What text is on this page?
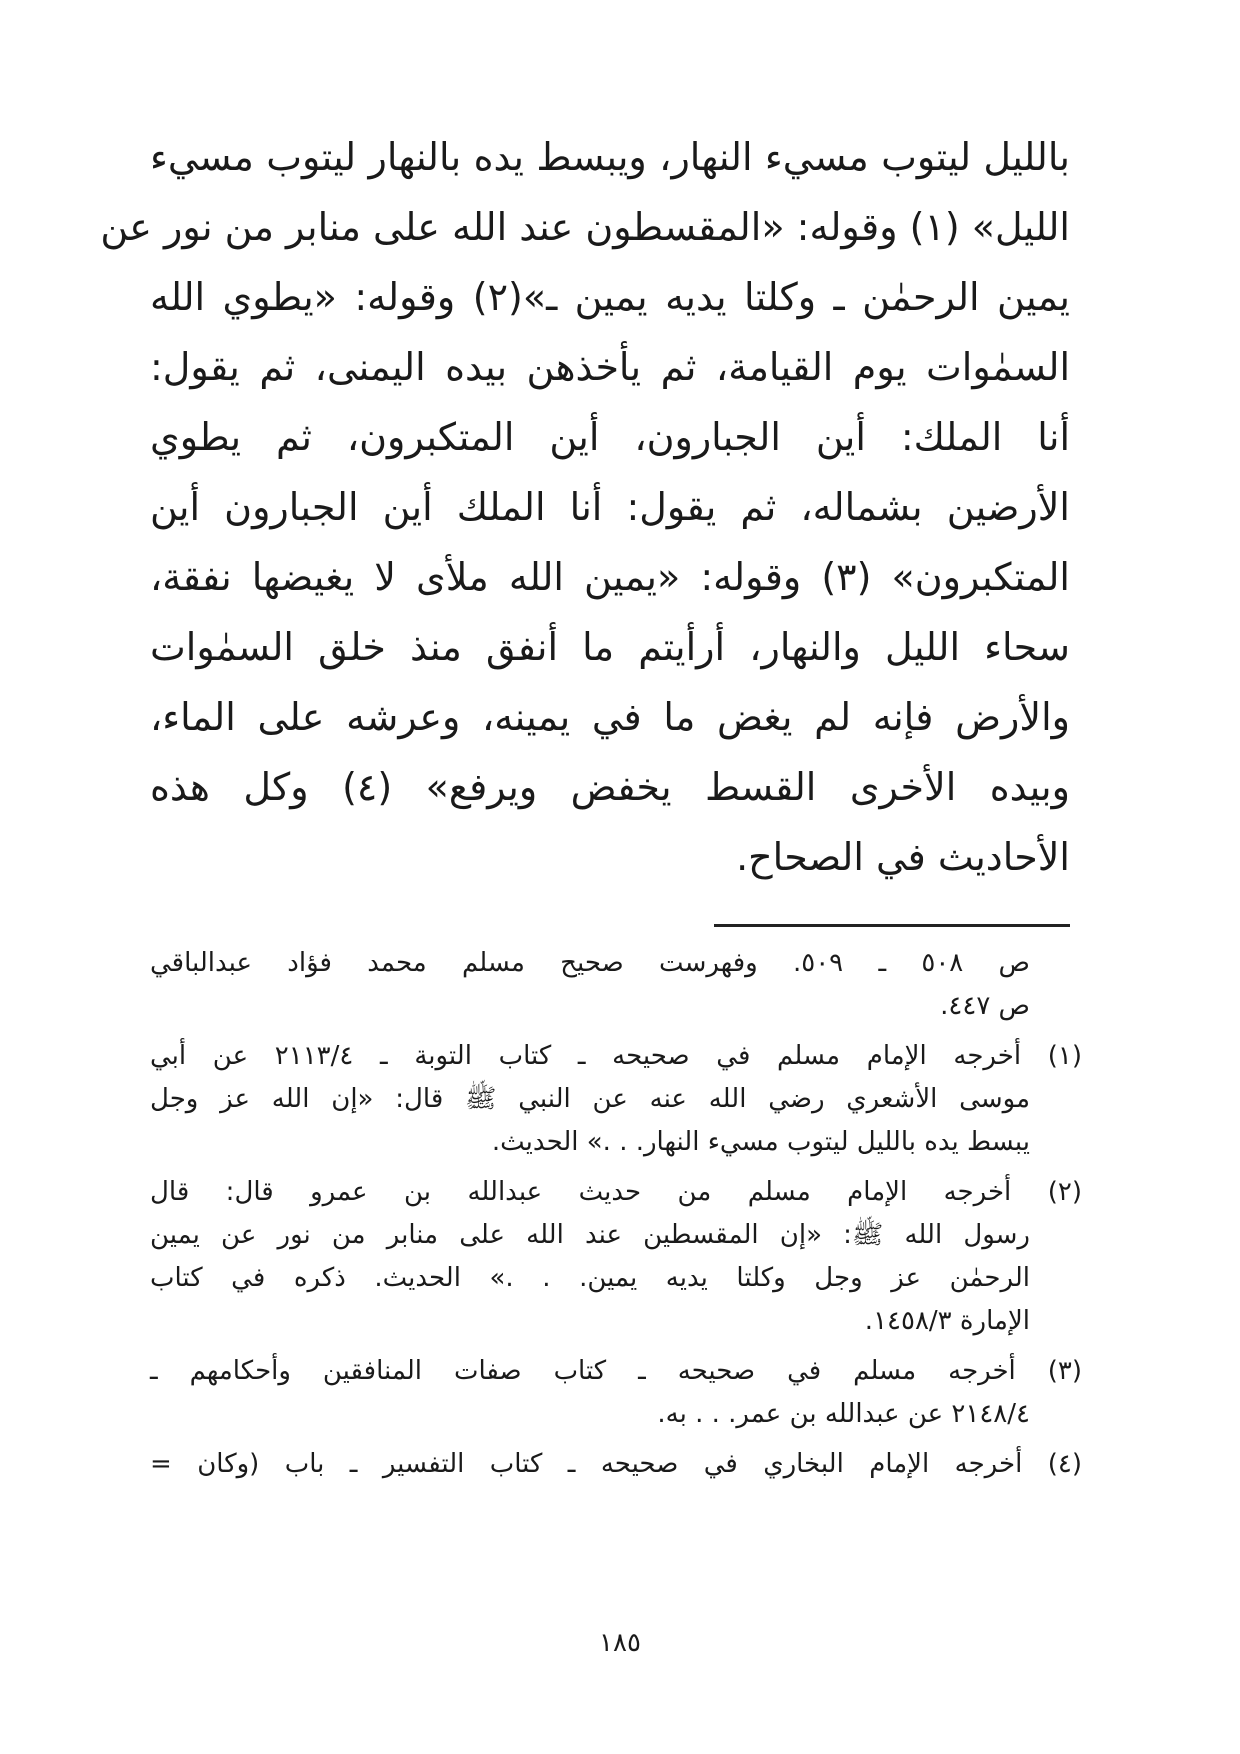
بالليل ليتوب مسيء النهار، ويبسط يده بالنهار ليتوب مسيء
الليل» (١) وقوله: «المقسطون عند الله على منابر من نور عن
يمين الرحمٰن ـ وكلتا يديه يمين ـ»(٢) وقوله: «يطوي الله
السمٰوات يوم القيامة، ثم يأخذهن بيده اليمنى، ثم يقول:
أنا الملك: أين الجبارون، أين المتكبرون، ثم يطوي
الأرضين بشماله، ثم يقول: أنا الملك أين الجبارون أين
المتكبرون» (٣) وقوله: «يمين الله ملأى لا يغيضها نفقة،
سحاء الليل والنهار، أرأيتم ما أنفق منذ خلق السمٰوات
والأرض فإنه لم يغض ما في يمينه، وعرشه على الماء،
وبيده الأخرى القسط يخفض ويرفع» (٤) وكل هذه
الأحاديث في الصحاح.
ص ٥٠٨ ـ ٥٠٩. وفهرست صحيح مسلم محمد فؤاد عبدالباقي
ص ٤٤٧.
(١) أخرجه الإمام مسلم في صحيحه ـ كتاب التوبة ـ ٢١١٣/٤ عن أبي
موسى الأشعري رضي الله عنه عن النبي ﷺ قال: «إن الله عز وجل
يبسط يده بالليل ليتوب مسيء النهار. . .» الحديث.
(٢) أخرجه الإمام مسلم من حديث عبدالله بن عمرو قال: قال
رسول الله ﷺ: «إن المقسطين عند الله على منابر من نور عن يمين
الرحمٰن عز وجل وكلتا يديه يمين. . .» الحديث. ذكره في كتاب
الإمارة ١٤٥٨/٣.
(٣) أخرجه مسلم في صحيحه ـ كتاب صفات المنافقين وأحكامهم ـ
٢١٤٨/٤ عن عبدالله بن عمر. . . به.
(٤) أخرجه الإمام البخاري في صحيحه ـ كتاب التفسير ـ باب (وكان =
١٨٥
